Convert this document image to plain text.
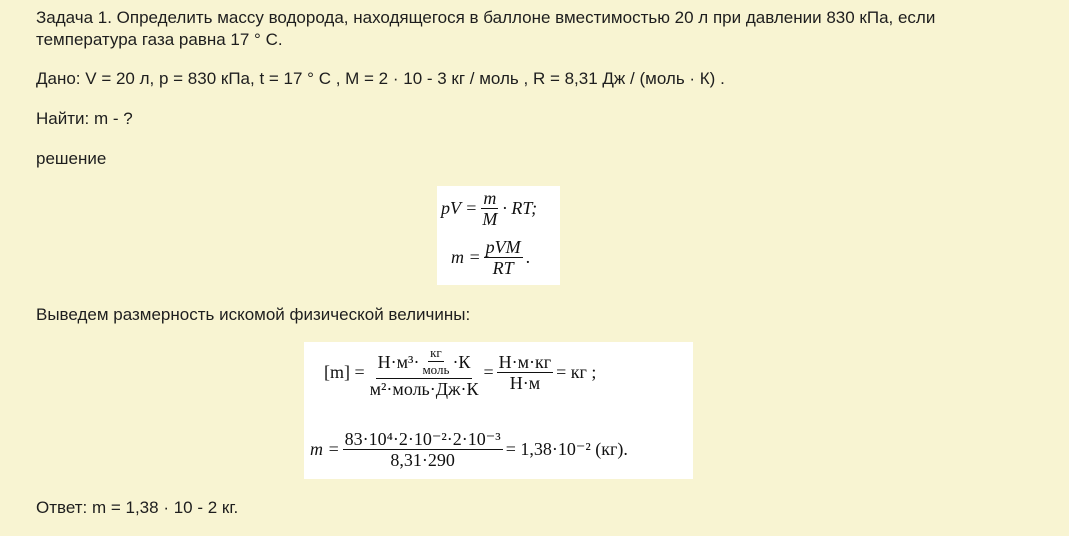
Задача 1. Определить массу водорода, находящегося в баллоне вместимостью 20 л при давлении 830 кПа, если температура газа равна 17 ° С.

Дано: V = 20 л, p = 830 кПа, t = 17 ° C , M = 2 · 10 - 3 кг / моль , R = 8,31 Дж / (моль · К) .

Найти: m - ?

решение

pV = $\frac{m}{M}$ · RT;
$m = \frac{\text{pVM}}{RT}$ .

Выведем размерность искомой физической величины:

$[m] = Н\cdot м^3\cdot \frac{кг}{\text{моль}} \cdot К$
м²·моль·Дж·К
= $\frac{Н\cdot м\cdot кг}{Н\cdot м}$ = кг ;
$m = \frac{\text{83·10⁴·2·10⁻²·2·10⁻³}}{8,31\cdot 290} = 1,38\cdot 10^{-2}$ (кг).

Ответ: m = 1,38 · 10 - 2 кг.
